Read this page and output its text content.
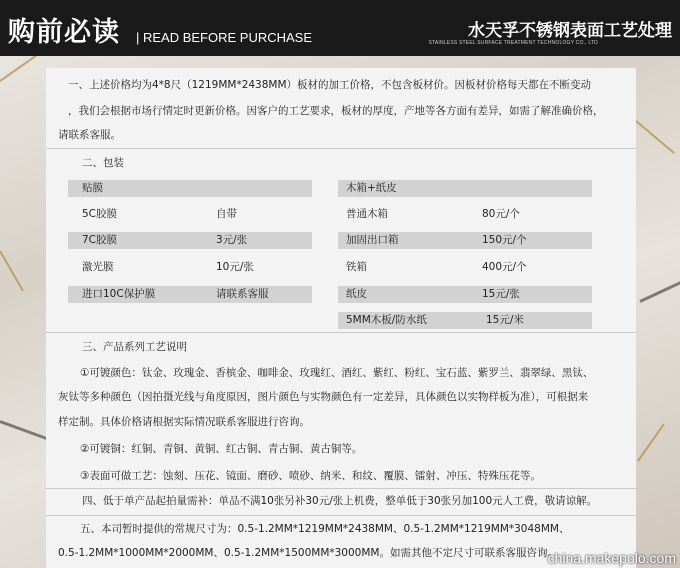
购前必读 | READ BEFORE PURCHASE	水天孚不锈钢表面工艺处理
STAINLESS STEEL SURFACE TREATMENT TECHNOLOGY CO., LTD
一、上述价格均为4*8尺（1219MM*2438MM）板材的加工价格，不包含板材价。因板材价格每天都在不断变动
，我们会根据市场行情定时更新价格。因客户的工艺要求，板材的厚度，产地等各方面有差异，如需了解准确价格，
请联系客服。
二、包装
贴膜	木箱+纸皮
5C胶膜	自带	普通木箱	80元/个
7C胶膜	3元/张	加固出口箱	150元/个
激光膜	10元/张	铁箱	400元/个
进口10C保护膜	请联系客服	纸皮	15元/张
5MM木板/防水纸	15元/米
三、产品系列工艺说明
①可镀颜色：钛金、玫瑰金、香槟金、咖啡金、玫瑰红、酒红、紫红、粉红、宝石蓝、紫罗兰、翡翠绿、黑钛、
灰钛等多种颜色（因拍摄光线与角度原因，图片颜色与实物颜色有一定差异，具体颜色以实物样板为准），可根据来
样定制。具体价格请根据实际情况联系客服进行咨询。
②可镀铜：红铜、青铜、黄铜、红古铜、青古铜、黄古铜等。
③表面可做工艺：蚀刻、压花、镜面、磨砂、喷砂、纳米、和纹、覆膜、镭射、冲压、特殊压花等。
四、低于单产品起拍量需补：单品不满10张另补30元/张上机费，整单低于30张另加100元人工费，敬请谅解。
五、本司暂时提供的常规尺寸为：0.5-1.2MM*1219MM*2438MM、0.5-1.2MM*1219MM*3048MM、
0.5-1.2MM*1000MM*2000MM、0.5-1.2MM*1500MM*3000MM。如需其他不定尺寸可联系客服咨询。
china.makepolo.com
